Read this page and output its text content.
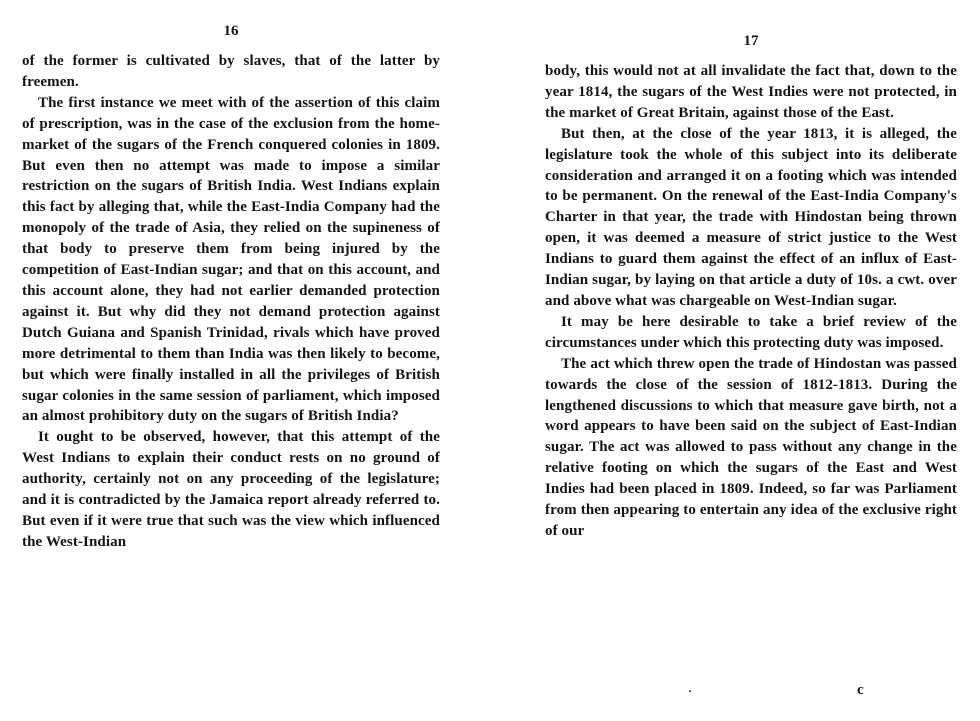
16

of the former is cultivated by slaves, that of the latter by freemen.

The first instance we meet with of the assertion of this claim of prescription, was in the case of the exclusion from the home-market of the sugars of the French conquered colonies in 1809. But even then no attempt was made to impose a similar restriction on the sugars of British India. West Indians explain this fact by alleging that, while the East-India Company had the monopoly of the trade of Asia, they relied on the supineness of that body to preserve them from being injured by the competition of East-Indian sugar; and that on this account, and this account alone, they had not earlier demanded protection against it. But why did they not demand protection against Dutch Guiana and Spanish Trinidad, rivals which have proved more detrimental to them than India was then likely to become, but which were finally installed in all the privileges of British sugar colonies in the same session of parliament, which imposed an almost prohibitory duty on the sugars of British India?

It ought to be observed, however, that this attempt of the West Indians to explain their conduct rests on no ground of authority, certainly not on any proceeding of the legislature; and it is contradicted by the Jamaica report already referred to. But even if it were true that such was the view which influenced the West-Indian

17

body, this would not at all invalidate the fact that, down to the year 1814, the sugars of the West Indies were not protected, in the market of Great Britain, against those of the East.

But then, at the close of the year 1813, it is alleged, the legislature took the whole of this subject into its deliberate consideration and arranged it on a footing which was intended to be permanent. On the renewal of the East-India Company's Charter in that year, the trade with Hindostan being thrown open, it was deemed a measure of strict justice to the West Indians to guard them against the effect of an influx of East-Indian sugar, by laying on that article a duty of 10s. a cwt. over and above what was chargeable on West-Indian sugar.

It may be here desirable to take a brief review of the circumstances under which this protecting duty was imposed.

The act which threw open the trade of Hindostan was passed towards the close of the session of 1812-1813. During the lengthened discussions to which that measure gave birth, not a word appears to have been said on the subject of East-Indian sugar. The act was allowed to pass without any change in the relative footing on which the sugars of the East and West Indies had been placed in 1809. Indeed, so far was Parliament from then appearing to entertain any idea of the exclusive right of our

c
